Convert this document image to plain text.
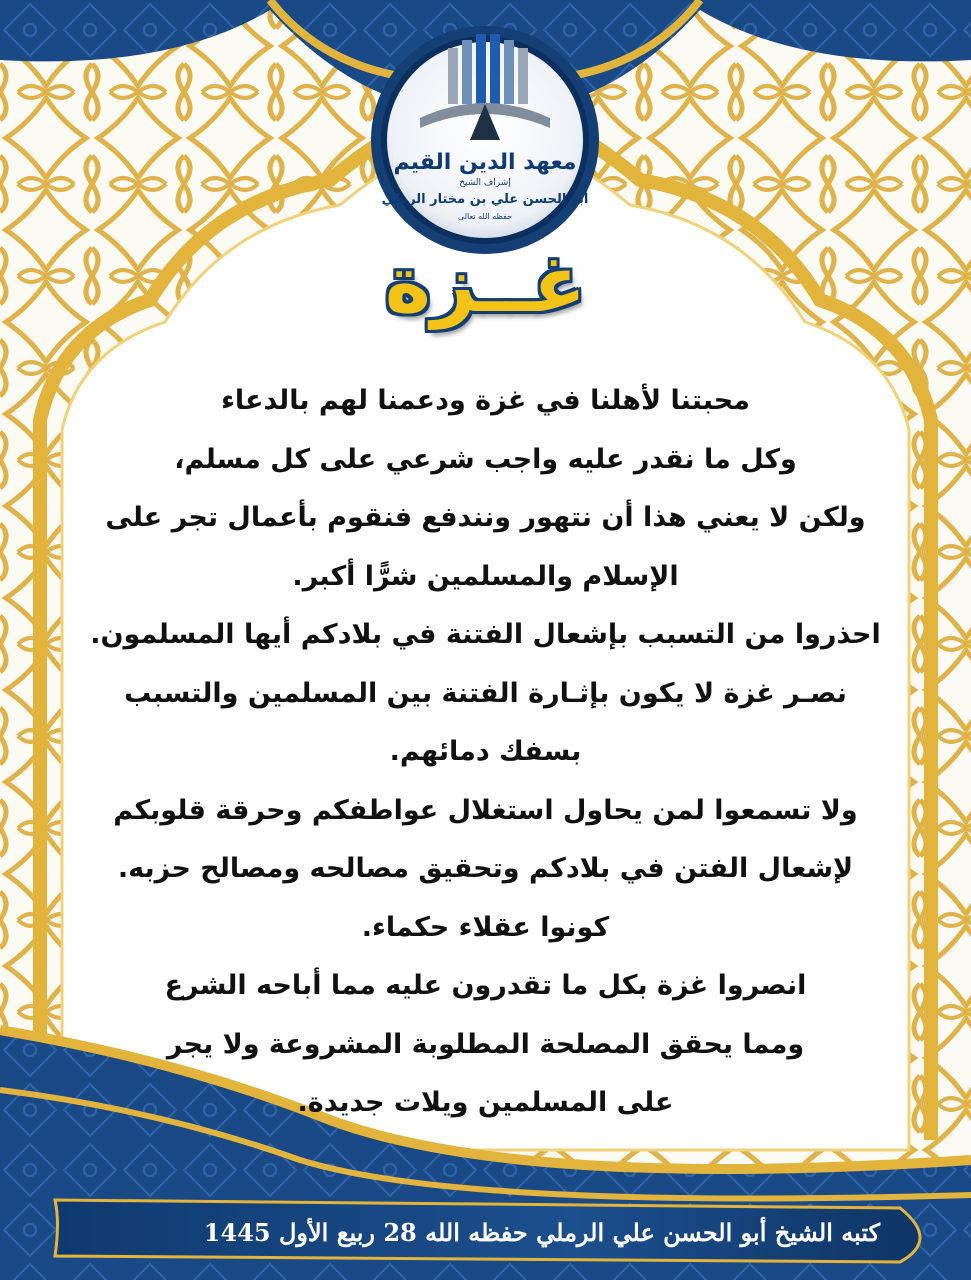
معهد الدين القيم
إشراف الشيخ
أبو الحسن علي بن مختار الرملي
حفظه الله تعالى
غــزة
محبتنا لأهلنا في غزة ودعمنا لهم بالدعاء
وكل ما نقدر عليه واجب شرعي على كل مسلم،
ولكن لا يعني هذا أن نتهور ونندفع فنقوم بأعمال تجر على
الإسلام والمسلمين شرًّا أكبر.
احذروا من التسبب بإشعال الفتنة في بلادكم أيها المسلمون.
نصـر غزة لا يكون بإثـارة الفتنة بين المسلمين والتسبب
بسفك دمائهم.
ولا تسمعوا لمن يحاول استغلال عواطفكم وحرقة قلوبكم
لإشعال الفتن في بلادكم وتحقيق مصالحه ومصالح حزبه.
كونوا عقلاء حكماء.
انصروا غزة بكل ما تقدرون عليه مما أباحه الشرع
ومما يحقق المصلحة المطلوبة المشروعة ولا يجر
على المسلمين ويلات جديدة.
كتبه الشيخ أبو الحسن علي الرملي حفظه الله 28 ربيع الأول 1445
